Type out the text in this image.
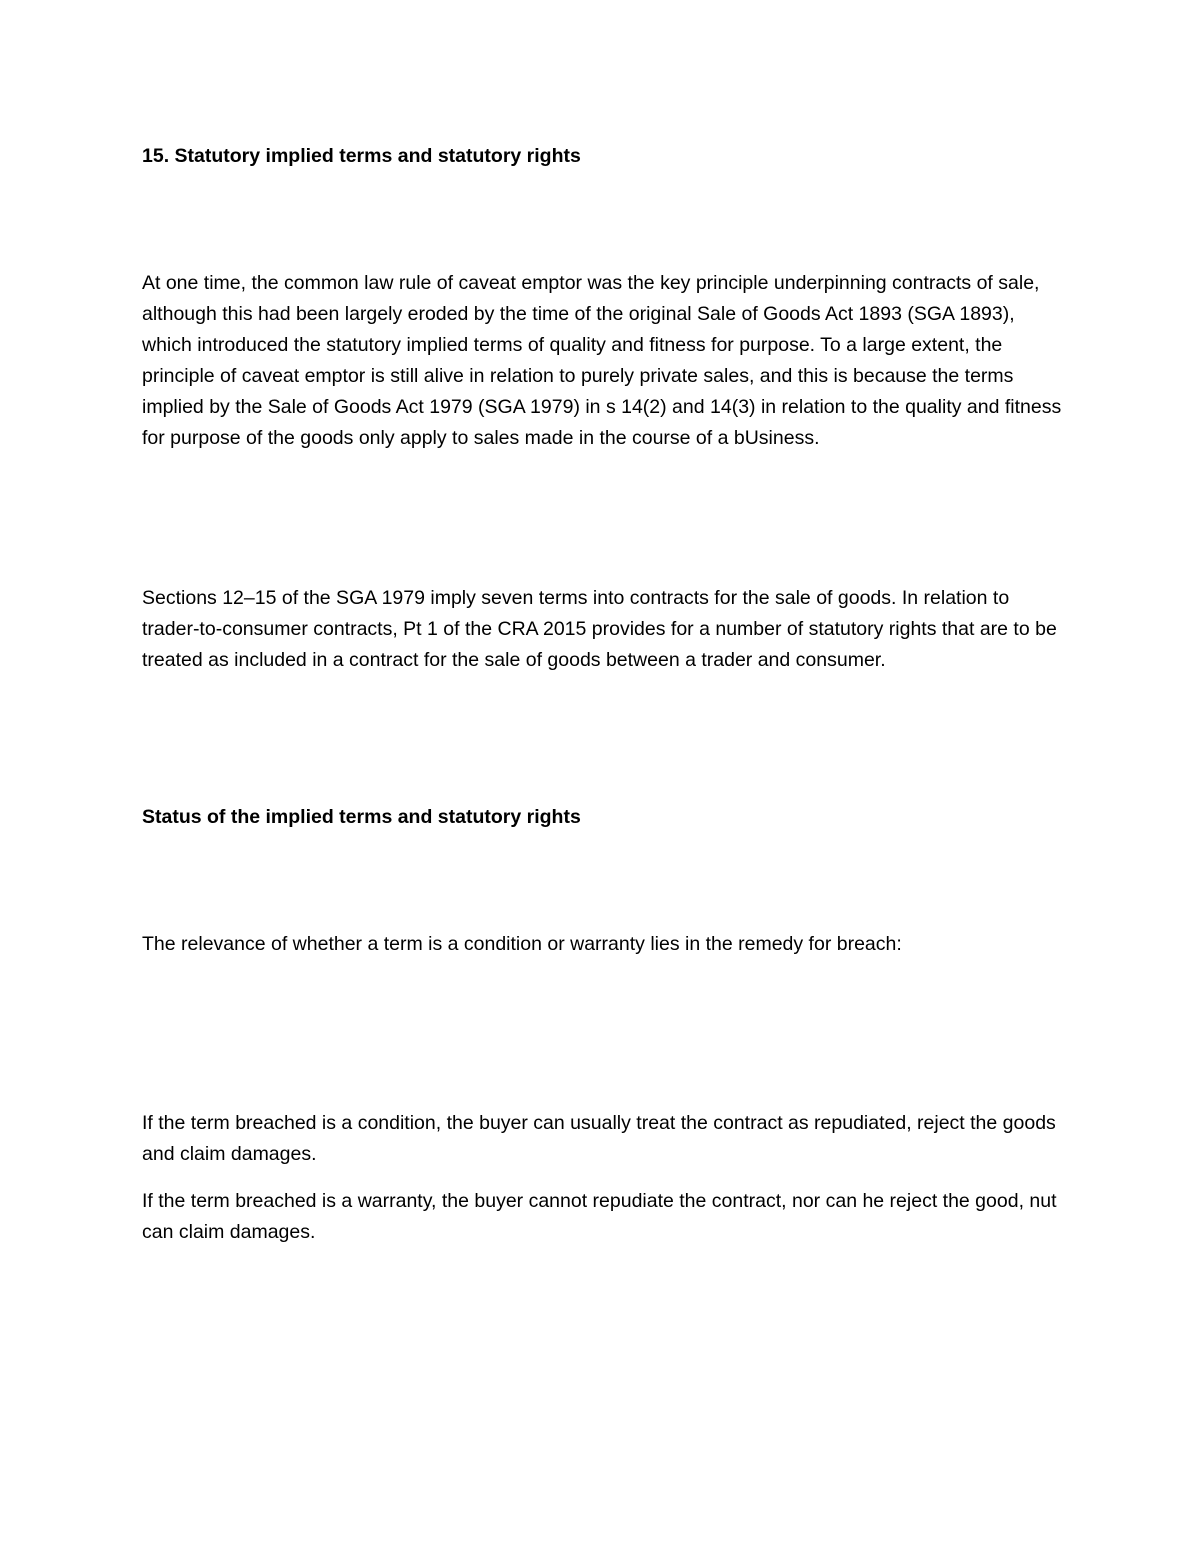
15. Statutory implied terms and statutory rights

At one time, the common law rule of caveat emptor was the key principle underpinning contracts of sale, although this had been largely eroded by the time of the original Sale of Goods Act 1893 (SGA 1893), which introduced the statutory implied terms of quality and fitness for purpose. To a large extent, the principle of caveat emptor is still alive in relation to purely private sales, and this is because the terms implied by the Sale of Goods Act 1979 (SGA 1979) in s 14(2) and 14(3) in relation to the quality and fitness for purpose of the goods only apply to sales made in the course of a bUsiness.

Sections 12–15 of the SGA 1979 imply seven terms into contracts for the sale of goods. In relation to trader-to-consumer contracts, Pt 1 of the CRA 2015 provides for a number of statutory rights that are to be treated as included in a contract for the sale of goods between a trader and consumer.

Status of the implied terms and statutory rights

The relevance of whether a term is a condition or warranty lies in the remedy for breach:

If the term breached is a condition, the buyer can usually treat the contract as repudiated, reject the goods and claim damages.

If the term breached is a warranty, the buyer cannot repudiate the contract, nor can he reject the good, nut can claim damages.
